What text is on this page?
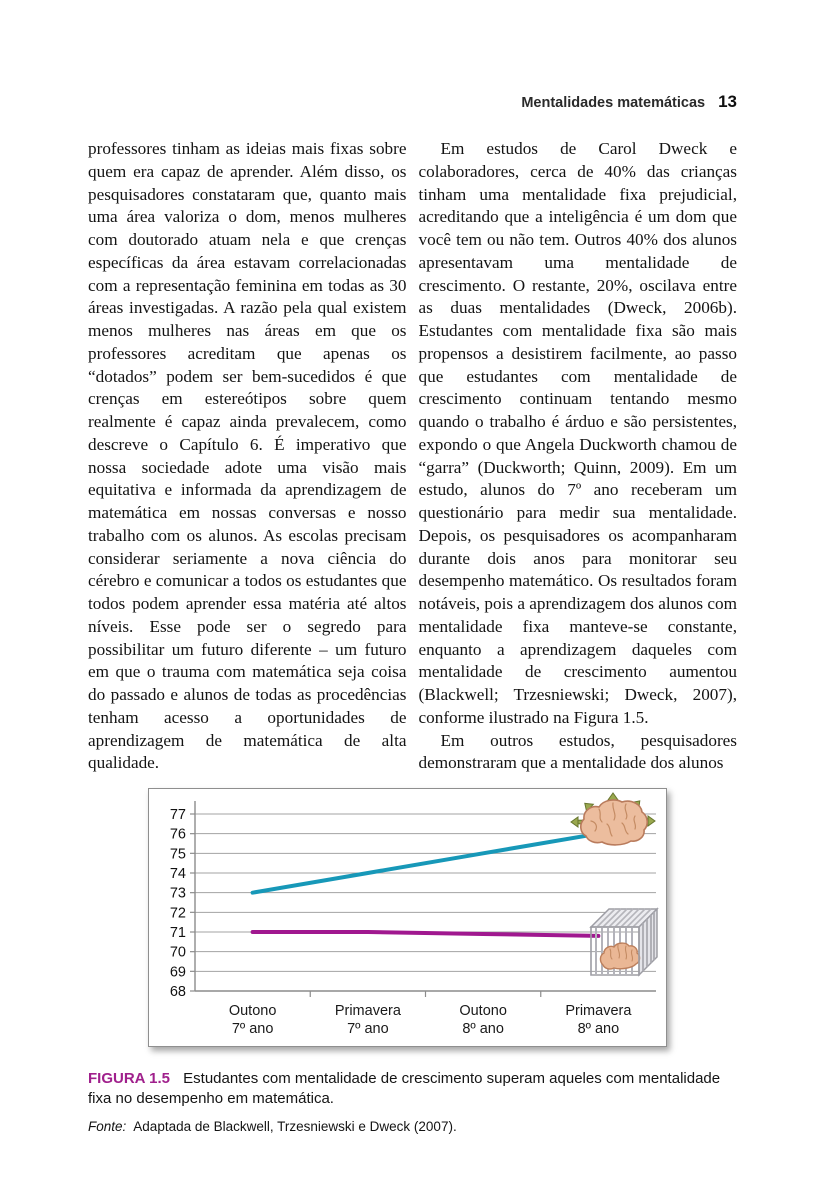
Mentalidades matemáticas 13

professores tinham as ideias mais fixas sobre quem era capaz de aprender. Além disso, os pesquisadores constataram que, quanto mais uma área valoriza o dom, menos mulheres com doutorado atuam nela e que crenças específicas da área estavam correlacionadas com a representação feminina em todas as 30 áreas investigadas. A razão pela qual existem menos mulheres nas áreas em que os professores acreditam que apenas os “dotados” podem ser bem-sucedidos é que crenças em estereótipos sobre quem realmente é capaz ainda prevalecem, como descreve o Capítulo 6. É imperativo que nossa sociedade adote uma visão mais equitativa e informada da aprendizagem de matemática em nossas conversas e nosso trabalho com os alunos. As escolas precisam considerar seriamente a nova ciência do cérebro e comunicar a todos os estudantes que todos podem aprender essa matéria até altos níveis. Esse pode ser o segredo para possibilitar um futuro diferente – um futuro em que o trauma com matemática seja coisa do passado e alunos de todas as procedências tenham acesso a oportunidades de aprendizagem de matemática de alta qualidade.

Em estudos de Carol Dweck e colaboradores, cerca de 40% das crianças tinham uma mentalidade fixa prejudicial, acreditando que a inteligência é um dom que você tem ou não tem. Outros 40% dos alunos apresentavam uma mentalidade de crescimento. O restante, 20%, oscilava entre as duas mentalidades (Dweck, 2006b). Estudantes com mentalidade fixa são mais propensos a desistirem facilmente, ao passo que estudantes com mentalidade de crescimento continuam tentando mesmo quando o trabalho é árduo e são persistentes, expondo o que Angela Duckworth chamou de “garra” (Duckworth; Quinn, 2009). Em um estudo, alunos do 7º ano receberam um questionário para medir sua mentalidade. Depois, os pesquisadores os acompanharam durante dois anos para monitorar seu desempenho matemático. Os resultados foram notáveis, pois a aprendizagem dos alunos com mentalidade fixa manteve-se constante, enquanto a aprendizagem daqueles com mentalidade de crescimento aumentou (Blackwell; Trzesniewski; Dweck, 2007), conforme ilustrado na Figura 1.5.

Em outros estudos, pesquisadores demonstraram que a mentalidade dos alunos

68
69
70
71
72
73
74
75
76
77
Outono
7º ano
Primavera
7º ano
Outono
8º ano
Primavera
8º ano

FIGURA 1.5 Estudantes com mentalidade de crescimento superam aqueles com mentalidade fixa no desempenho em matemática.

Fonte: Adaptada de Blackwell, Trzesniewski e Dweck (2007).
